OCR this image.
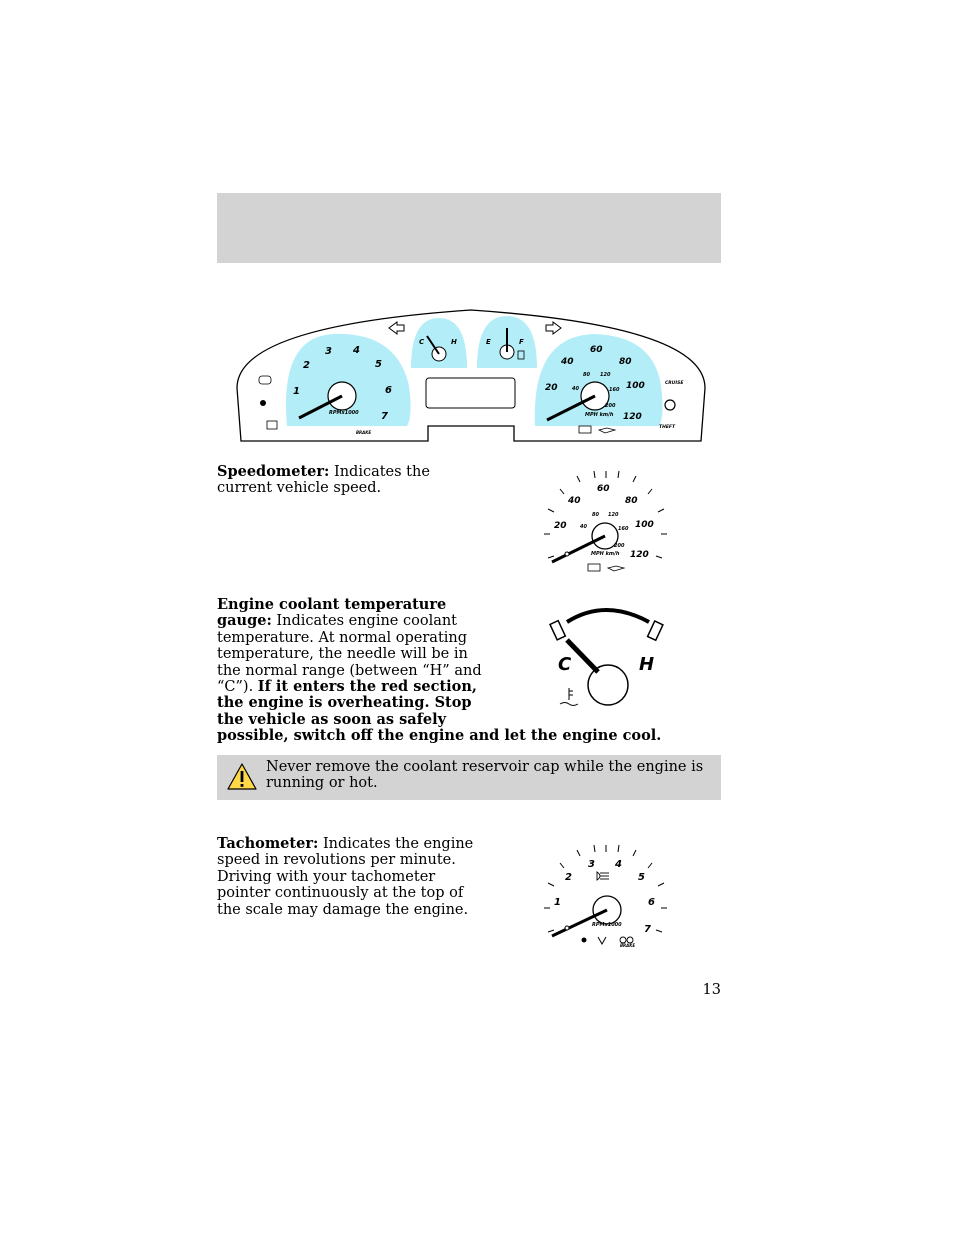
1
2
3 4
5
6
7
RPMx1000
BRAKE
C	H	E	F
20
40
60
80
100
120
40
80 120
160
200
MPH km/h
CRUISE
THEFT

Speedometer: Indicates the
current vehicle speed.

20
40
60
80
100
120
40
80 120
160
200
MPH km/h

Engine coolant temperature
gauge: Indicates engine coolant
temperature. At normal operating
temperature, the needle will be in
the normal range (between “H” and
“C”). If it enters the red section,
the engine is overheating. Stop
the vehicle as soon as safely
possible, switch off the engine and let the engine cool.

C	H
Never remove the coolant reservoir cap while the engine is
running or hot.

Tachometer: Indicates the engine
speed in revolutions per minute.
Driving with your tachometer
pointer continuously at the top of
the scale may damage the engine.	1
2
3 4
5
6
7
RPMx1000
BRAKE
13
